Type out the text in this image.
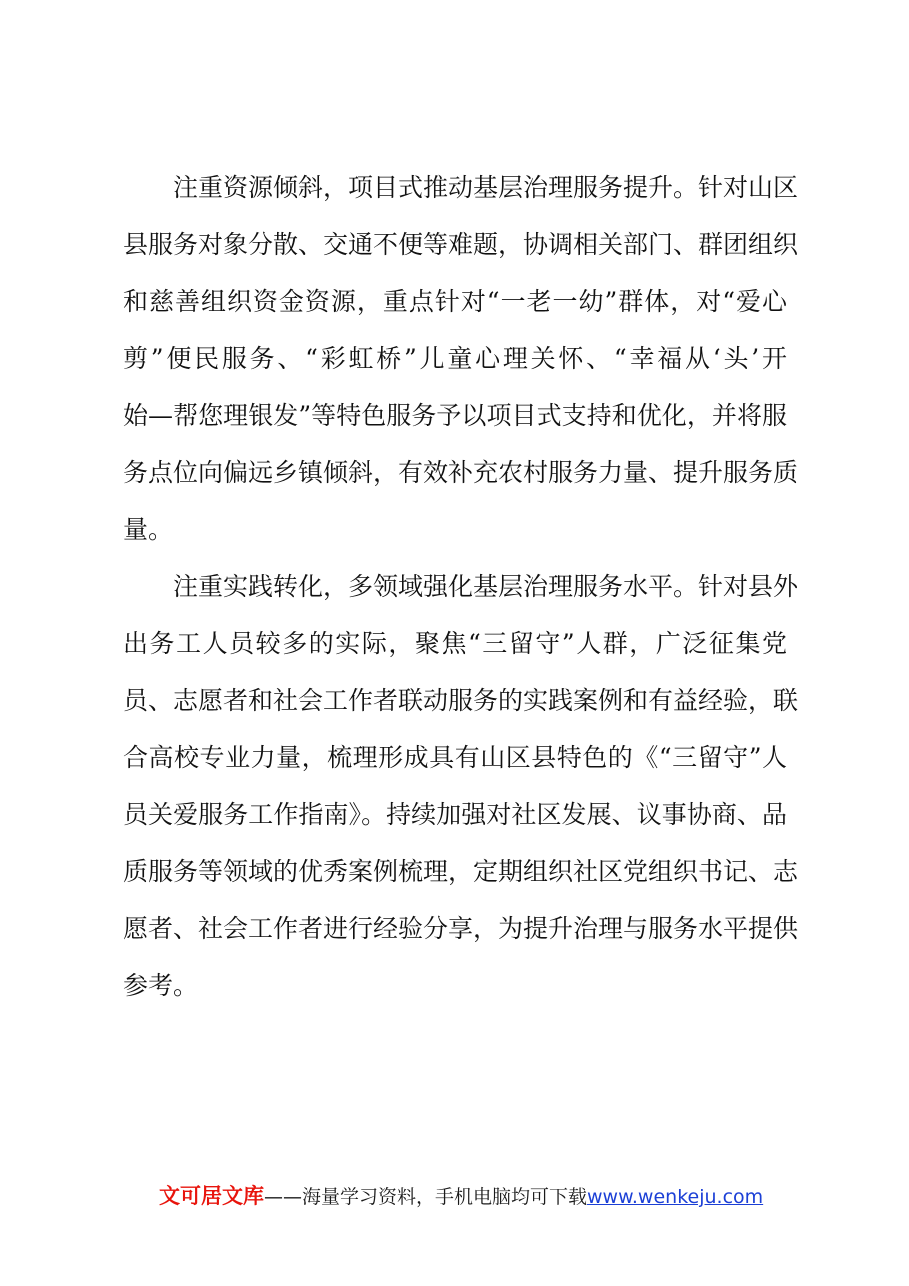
　　注重资源倾斜，项目式推动基层治理服务提升。针对山区
县服务对象分散、交通不便等难题，协调相关部门、群团组织
和慈善组织资金资源，重点针对“一老一幼”群体，对“爱心
剪”便民服务、“彩虹桥”儿童心理关怀、“幸福从‘头’开
始—帮您理银发”等特色服务予以项目式支持和优化，并将服
务点位向偏远乡镇倾斜，有效补充农村服务力量、提升服务质
量。
　　注重实践转化，多领域强化基层治理服务水平。针对县外
出务工人员较多的实际，聚焦“三留守”人群，广泛征集党
员、志愿者和社会工作者联动服务的实践案例和有益经验，联
合高校专业力量，梳理形成具有山区县特色的《“三留守”人
员关爱服务工作指南》。持续加强对社区发展、议事协商、品
质服务等领域的优秀案例梳理，定期组织社区党组织书记、志
愿者、社会工作者进行经验分享，为提升治理与服务水平提供
参考。
文可居文库——海量学习资料，手机电脑均可下载www.wenkeju.com
